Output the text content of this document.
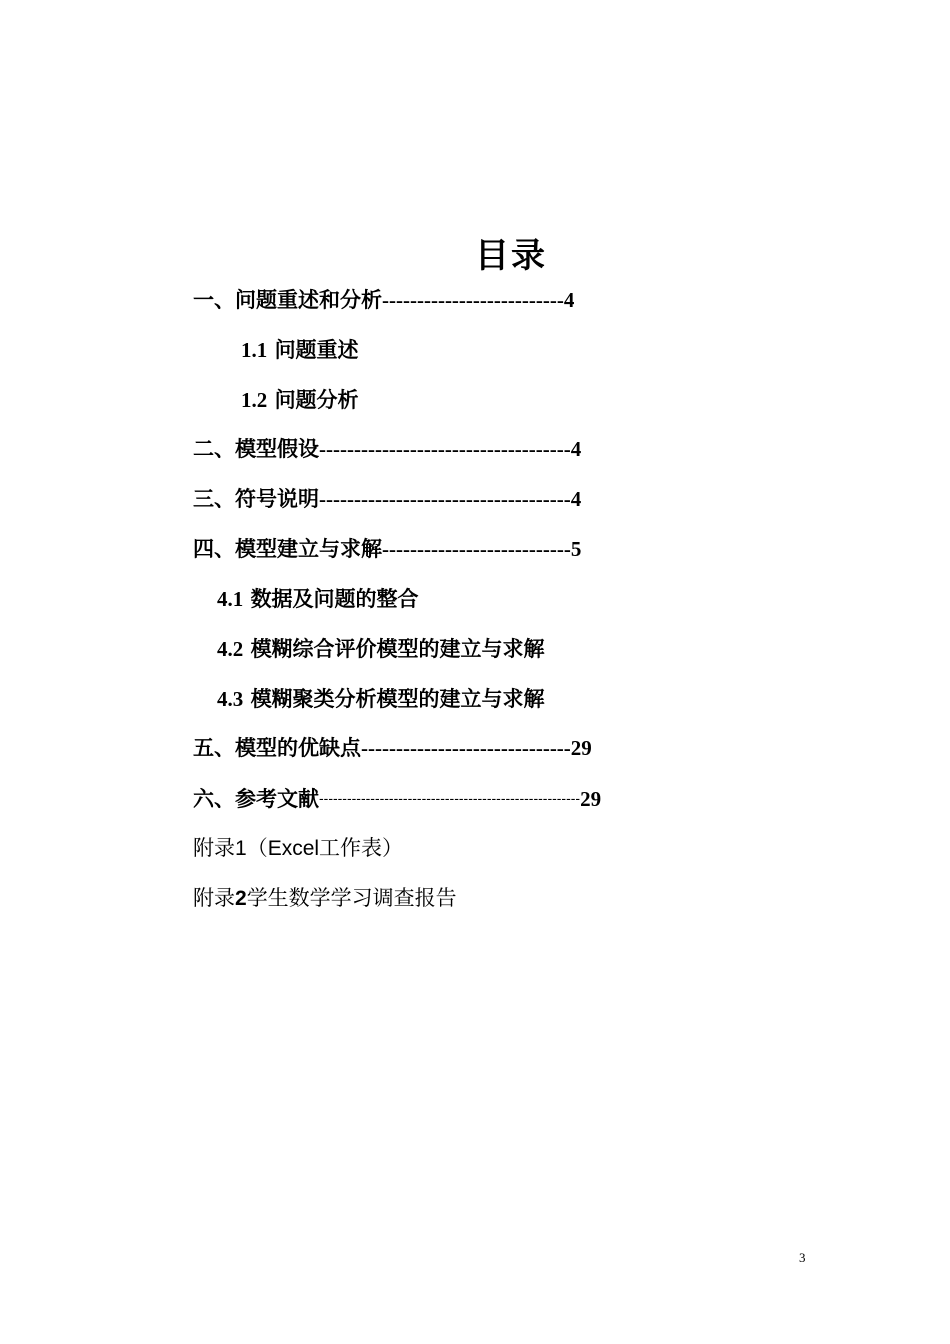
目录
一、问题重述和分析--------------------------4
1.1 问题重述
1.2 问题分析
二、模型假设------------------------------------4
三、符号说明------------------------------------4
四、模型建立与求解---------------------------5
4.1 数据及问题的整合
4.2 模糊综合评价模型的建立与求解
4.3 模糊聚类分析模型的建立与求解
五、模型的优缺点------------------------------29
六、参考文献--------------------------------------------------------29
附录1（Excel工作表）
附录2学生数学学习调查报告
3
